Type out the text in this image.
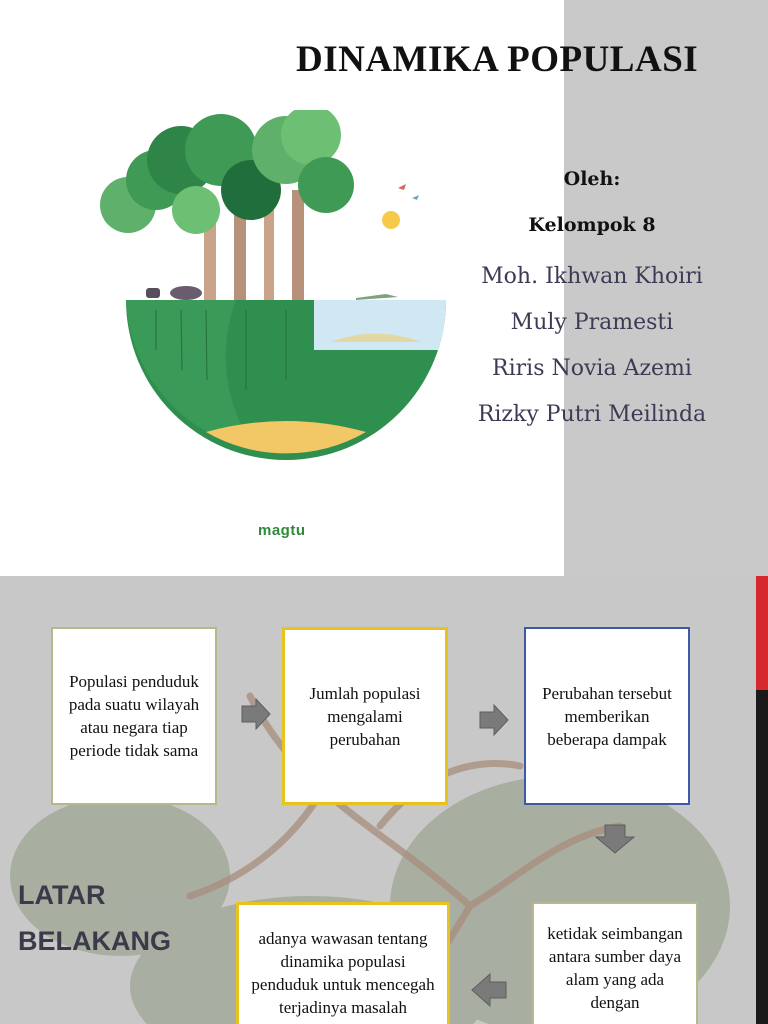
DINAMIKA POPULASI
Oleh:
Kelompok 8
Moh. Ikhwan Khoiri
Muly Pramesti
Riris Novia Azemi
Rizky Putri Meilinda
magtu
Populasi penduduk pada suatu wilayah atau negara tiap periode tidak sama
Jumlah populasi mengalami perubahan
Perubahan tersebut memberikan beberapa dampak
ketidak seimbangan antara sumber daya alam yang ada dengan
adanya wawasan tentang dinamika populasi penduduk untuk mencegah terjadinya masalah
LATAR
BELAKANG
